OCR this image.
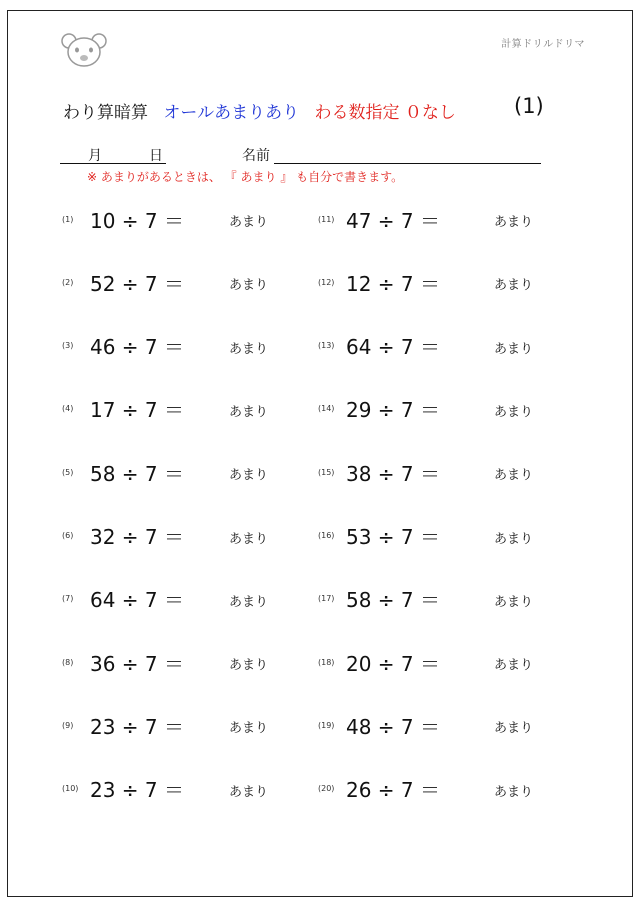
計算ドリルドリマ
わり算暗算 オールあまりあり わる数指定 ０なし	(1)
月	日	名前
※ あまりがあるときは、 『 あまり 』 も自分で書きます。
(1) 10 ÷ 7 ＝	あまり
(2) 52 ÷ 7 ＝	あまり
(3) 46 ÷ 7 ＝	あまり
(4) 17 ÷ 7 ＝	あまり
(5) 58 ÷ 7 ＝	あまり
(6) 32 ÷ 7 ＝	あまり
(7) 64 ÷ 7 ＝	あまり
(8) 36 ÷ 7 ＝	あまり
(9) 23 ÷ 7 ＝	あまり
(10) 23 ÷ 7 ＝	あまり
(11) 47 ÷ 7 ＝	あまり
(12) 12 ÷ 7 ＝	あまり
(13) 64 ÷ 7 ＝	あまり
(14) 29 ÷ 7 ＝	あまり
(15) 38 ÷ 7 ＝	あまり
(16) 53 ÷ 7 ＝	あまり
(17) 58 ÷ 7 ＝	あまり
(18) 20 ÷ 7 ＝	あまり
(19) 48 ÷ 7 ＝	あまり
(20) 26 ÷ 7 ＝	あまり
